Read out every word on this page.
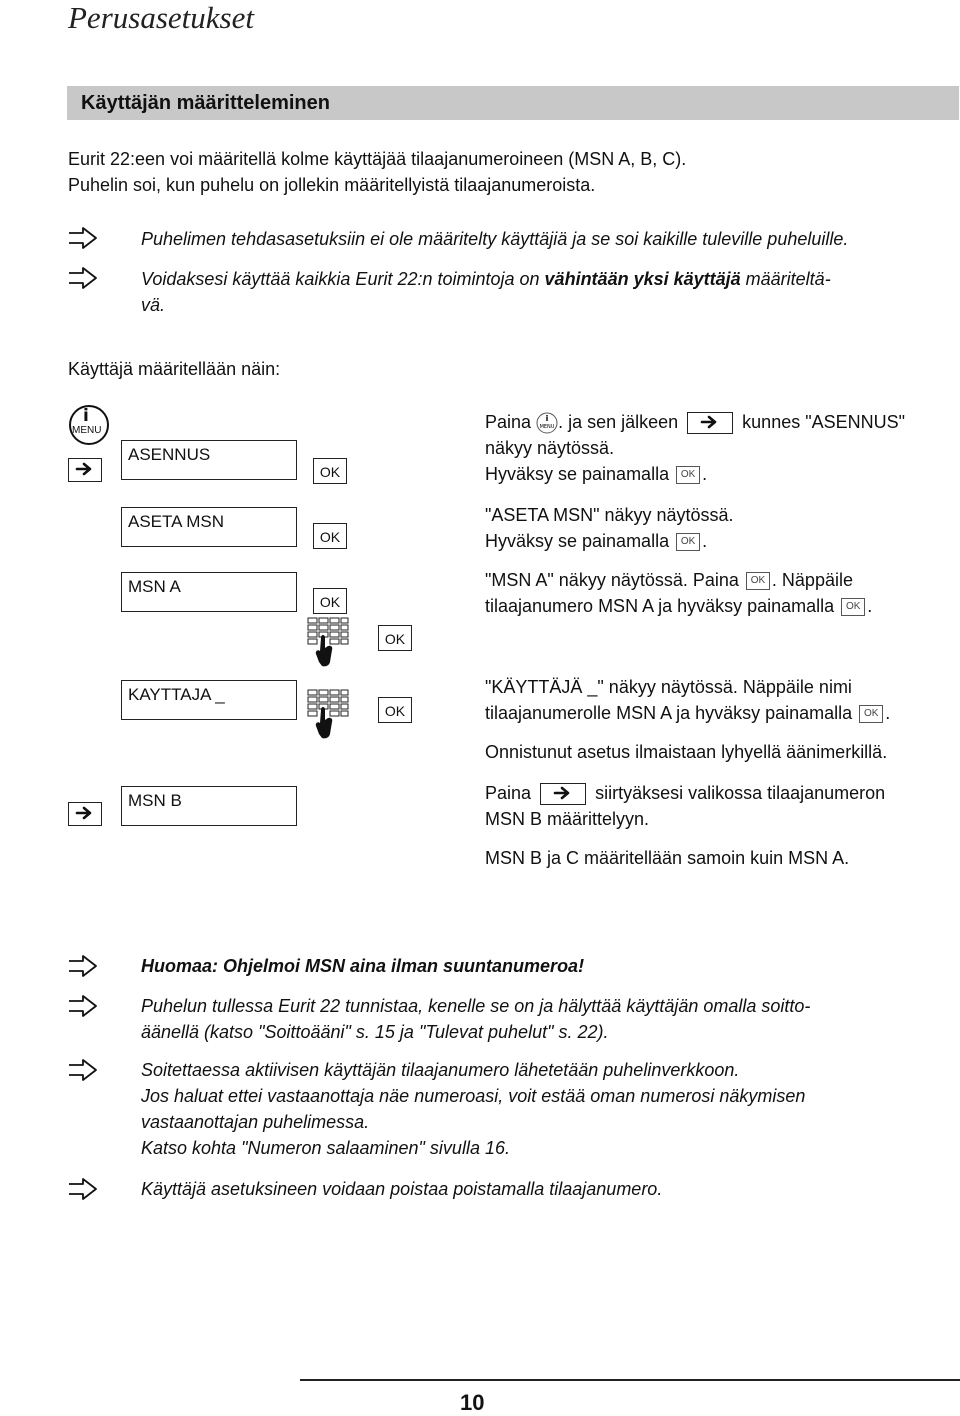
Perusasetukset
Käyttäjän määritteleminen
Eurit 22:een voi määritellä kolme käyttäjää tilaajanumeroineen (MSN A, B, C).
Puhelin soi, kun puhelu on jollekin määritellyistä tilaajanumeroista.
Puhelimen tehdasasetuksiin ei ole määritelty käyttäjiä ja se soi kaikille tuleville puheluille.
Voidaksesi käyttää kaikkia Eurit 22:n toimintoja on vähintään yksi käyttäjä määriteltä-
vä.
Käyttäjä määritellään näin:
i
MENU
ASENNUS
ASETA MSN
MSN A
KAYTTAJA _
MSN B
OK
OK
OK
OK
OK
Paina i
MENU . ja sen jälkeen	kunnes "ASENNUS"
näkyy näytössä.
Hyväksy se painamalla OK .
"ASETA MSN" näkyy näytössä.
Hyväksy se painamalla OK .
"MSN A" näkyy näytössä. Paina OK . Näppäile
tilaajanumero MSN A ja hyväksy painamalla OK .
"KÄYTTÄJÄ _" näkyy näytössä. Näppäile nimi
tilaajanumerolle MSN A ja hyväksy painamalla OK .
Onnistunut asetus ilmaistaan lyhyellä äänimerkillä.
Paina	siirtyäksesi valikossa tilaajanumeron
MSN B määrittelyyn.
MSN B ja C määritellään samoin kuin MSN A.
Huomaa: Ohjelmoi MSN aina ilman suuntanumeroa!
Puhelun tullessa Eurit 22 tunnistaa, kenelle se on ja hälyttää käyttäjän omalla soitto-
äänellä (katso "Soittoääni" s. 15 ja "Tulevat puhelut" s. 22).
Soitettaessa aktiivisen käyttäjän tilaajanumero lähetetään puhelinverkkoon.
Jos haluat ettei vastaanottaja näe numeroasi, voit estää oman numerosi näkymisen
vastaanottajan puhelimessa.
Katso kohta "Numeron salaaminen" sivulla 16.
Käyttäjä asetuksineen voidaan poistaa poistamalla tilaajanumero.
10
